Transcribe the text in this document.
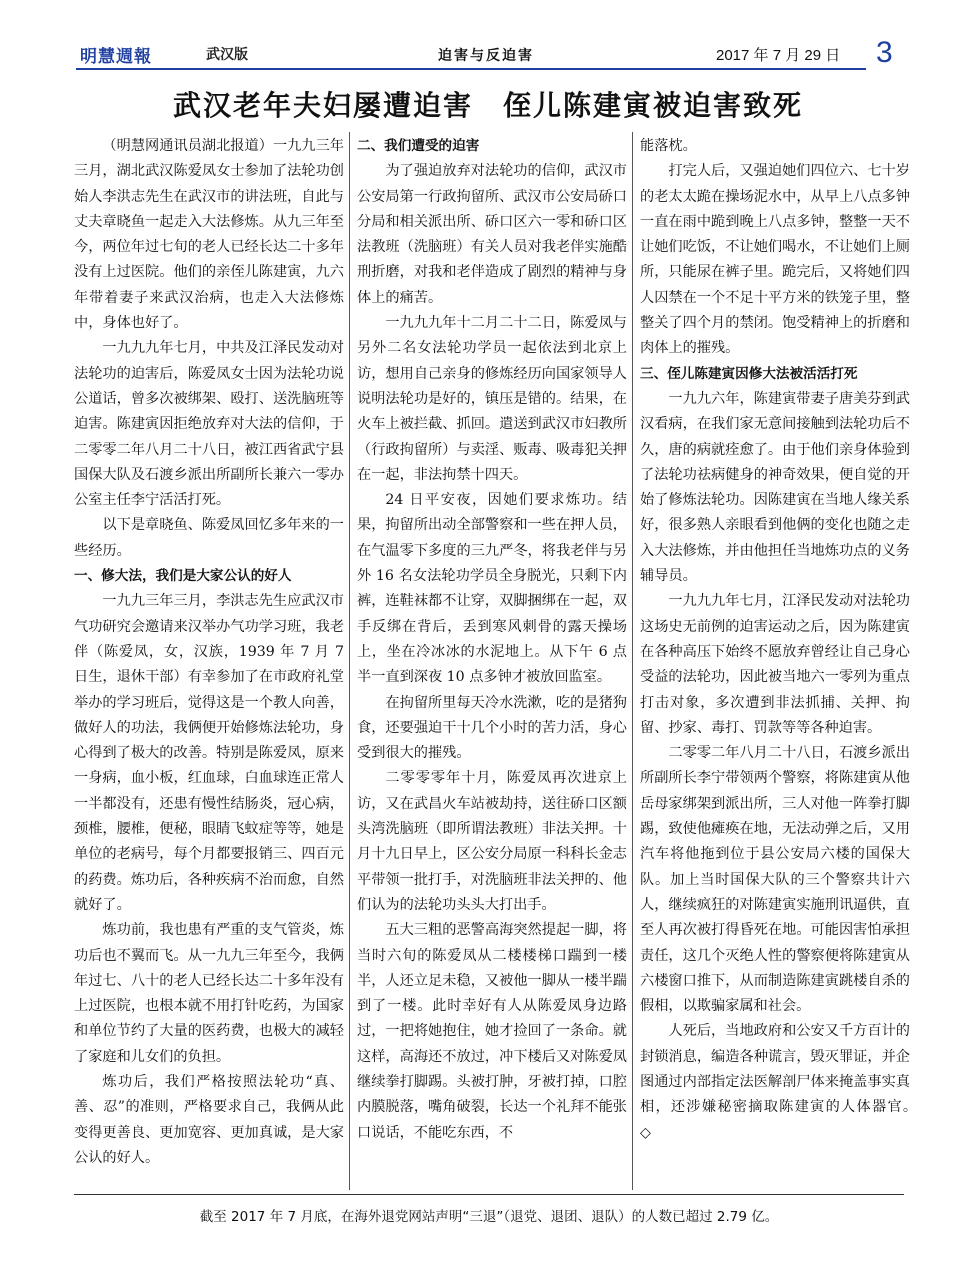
明慧週報	武汉版	迫害与反迫害	2017 年 7 月 29 日 3
武汉老年夫妇屡遭迫害　侄儿陈建寅被迫害致死

（明慧网通讯员湖北报道）一九九三年三月，湖北武汉陈爱凤女士参加了法轮功创始人李洪志先生在武汉市的讲法班，自此与丈夫章晓鱼一起走入大法修炼。从九三年至今，两位年过七旬的老人已经长达二十多年没有上过医院。他们的亲侄儿陈建寅，九六年带着妻子来武汉治病，也走入大法修炼中，身体也好了。

一九九九年七月，中共及江泽民发动对法轮功的迫害后，陈爱凤女士因为法轮功说公道话，曾多次被绑架、殴打、送洗脑班等迫害。陈建寅因拒绝放弃对大法的信仰，于二零零二年八月二十八日，被江西省武宁县国保大队及石渡乡派出所副所长兼六一零办公室主任李宁活活打死。

以下是章晓鱼、陈爱凤回忆多年来的一些经历。

一、修大法，我们是大家公认的好人

一九九三年三月，李洪志先生应武汉市气功研究会邀请来汉举办气功学习班，我老伴（陈爱凤，女，汉族，1939 年 7 月 7 日生，退休干部）有幸参加了在市政府礼堂举办的学习班后，觉得这是一个教人向善，做好人的功法，我俩便开始修炼法轮功，身心得到了极大的改善。特别是陈爱凤，原来一身病，血小板，红血球，白血球连正常人一半都没有，还患有慢性结肠炎，冠心病，颈椎，腰椎，便秘，眼睛飞蚊症等等，她是单位的老病号，每个月都要报销三、四百元的药费。炼功后，各种疾病不治而愈，自然就好了。

炼功前，我也患有严重的支气管炎，炼功后也不翼而飞。从一九九三年至今，我俩年过七、八十的老人已经长达二十多年没有上过医院，也根本就不用打针吃药，为国家和单位节约了大量的医药费，也极大的减轻了家庭和儿女们的负担。

炼功后，我们严格按照法轮功“真、善、忍”的准则，严格要求自己，我俩从此变得更善良、更加宽容、更加真诚，是大家公认的好人。

二、我们遭受的迫害

为了强迫放弃对法轮功的信仰，武汉市公安局第一行政拘留所、武汉市公安局硚口分局和相关派出所、硚口区六一零和硚口区法教班（洗脑班）有关人员对我老伴实施酷刑折磨，对我和老伴造成了剧烈的精神与身体上的痛苦。

一九九九年十二月二十二日，陈爱凤与另外二名女法轮功学员一起依法到北京上访，想用自己亲身的修炼经历向国家领导人说明法轮功是好的，镇压是错的。结果，在火车上被拦截、抓回。遣送到武汉市妇教所（行政拘留所）与卖淫、贩毒、吸毒犯关押在一起，非法拘禁十四天。

24 日平安夜，因她们要求炼功。结果，拘留所出动全部警察和一些在押人员，在气温零下多度的三九严冬，将我老伴与另外 16 名女法轮功学员全身脱光，只剩下内裤，连鞋袜都不让穿，双脚捆绑在一起，双手反绑在背后，丢到寒风刺骨的露天操场上，坐在冷冰冰的水泥地上。从下午 6 点半一直到深夜 10 点多钟才被放回监室。

在拘留所里每天冷水洗漱，吃的是猪狗食，还要强迫干十几个小时的苦力活，身心受到很大的摧残。

二零零零年十月，陈爱凤再次进京上访，又在武昌火车站被劫持，送往硚口区额头湾洗脑班（即所谓法教班）非法关押。十月十九日早上，区公安分局原一科科长金志平带领一批打手，对洗脑班非法关押的、他们认为的法轮功头头大打出手。

五大三粗的恶警高海突然提起一脚，将当时六旬的陈爱凤从二楼楼梯口踹到一楼半，人还立足未稳，又被他一脚从一楼半踹到了一楼。此时幸好有人从陈爱凤身边路过，一把将她抱住，她才捡回了一条命。就这样，高海还不放过，冲下楼后又对陈爱凤继续拳打脚踢。头被打肿，牙被打掉，口腔内膜脱落，嘴角破裂，长达一个礼拜不能张口说话，不能吃东西，不

能落枕。

打完人后，又强迫她们四位六、七十岁的老太太跪在操场泥水中，从早上八点多钟一直在雨中跪到晚上八点多钟，整整一天不让她们吃饭，不让她们喝水，不让她们上厕所，只能尿在裤子里。跪完后，又将她们四人囚禁在一个不足十平方米的铁笼子里，整整关了四个月的禁闭。饱受精神上的折磨和肉体上的摧残。

三、侄儿陈建寅因修大法被活活打死

一九九六年，陈建寅带妻子唐美芬到武汉看病，在我们家无意间接触到法轮功后不久，唐的病就痊愈了。由于他们亲身体验到了法轮功祛病健身的神奇效果，便自觉的开始了修炼法轮功。因陈建寅在当地人缘关系好，很多熟人亲眼看到他俩的变化也随之走入大法修炼，并由他担任当地炼功点的义务辅导员。

一九九九年七月，江泽民发动对法轮功这场史无前例的迫害运动之后，因为陈建寅在各种高压下始终不愿放弃曾经让自己身心受益的法轮功，因此被当地六一零列为重点打击对象，多次遭到非法抓捕、关押、拘留、抄家、毒打、罚款等等各种迫害。

二零零二年八月二十八日，石渡乡派出所副所长李宁带领两个警察，将陈建寅从他岳母家绑架到派出所，三人对他一阵拳打脚踢，致使他瘫痪在地，无法动弹之后，又用汽车将他拖到位于县公安局六楼的国保大队。加上当时国保大队的三个警察共计六人，继续疯狂的对陈建寅实施刑讯逼供，直至人再次被打得昏死在地。可能因害怕承担责任，这几个灭绝人性的警察便将陈建寅从六楼窗口推下，从而制造陈建寅跳楼自杀的假相，以欺骗家属和社会。

人死后，当地政府和公安又千方百计的封锁消息，编造各种谎言，毁灭罪证，并企图通过内部指定法医解剖尸体来掩盖事实真相，还涉嫌秘密摘取陈建寅的人体器官。　◇

截至 2017 年 7 月底，在海外退党网站声明“三退”（退党、退团、退队）的人数已超过 2.79 亿。
